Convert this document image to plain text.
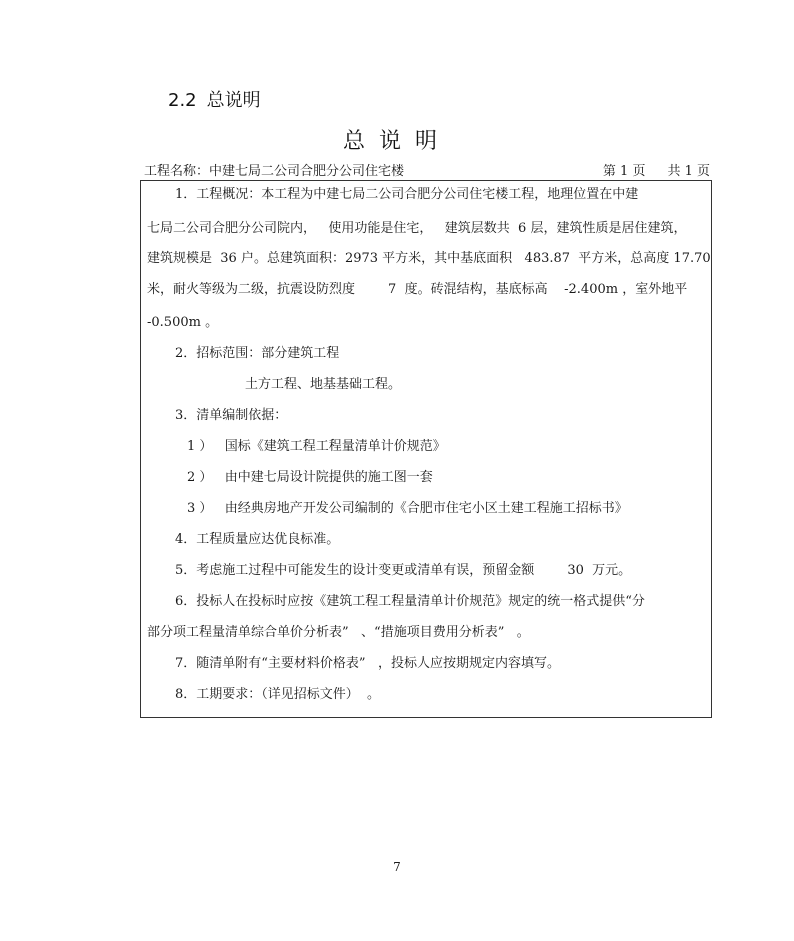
2.2 总说明
总说明
工程名称：中建七局二公司合肥分公司住宅楼	第 1 页 共 1 页
1．工程概况：本工程为中建七局二公司合肥分公司住宅楼工程，地理位置在中建
七局二公司合肥分公司院内，   使用功能是住宅，   建筑层数共  6 层，建筑性质是居住建筑，
建筑规模是  36 户。总建筑面积：2973 平方米，其中基底面积   483.87  平方米，总高度 17.70
米，耐火等级为二级，抗震设防烈度        7  度。砖混结构，基底标高    -2.400m ，室外地平
-0.500m 。
2．招标范围：部分建筑工程
土方工程、地基基础工程。
3．清单编制依据：
1 ）   国标《建筑工程工程量清单计价规范》
2 ）   由中建七局设计院提供的施工图一套
3 ）   由经典房地产开发公司编制的《合肥市住宅小区土建工程施工招标书》
4．工程质量应达优良标准。
5．考虑施工过程中可能发生的设计变更或清单有误，预留金额        30  万元。
6．投标人在投标时应按《建筑工程工程量清单计价规范》规定的统一格式提供“分
部分项工程量清单综合单价分析表”   、“措施项目费用分析表”   。
7．随清单附有“主要材料价格表”   ，投标人应按期规定内容填写。
8．工期要求：（详见招标文件）  。
7
